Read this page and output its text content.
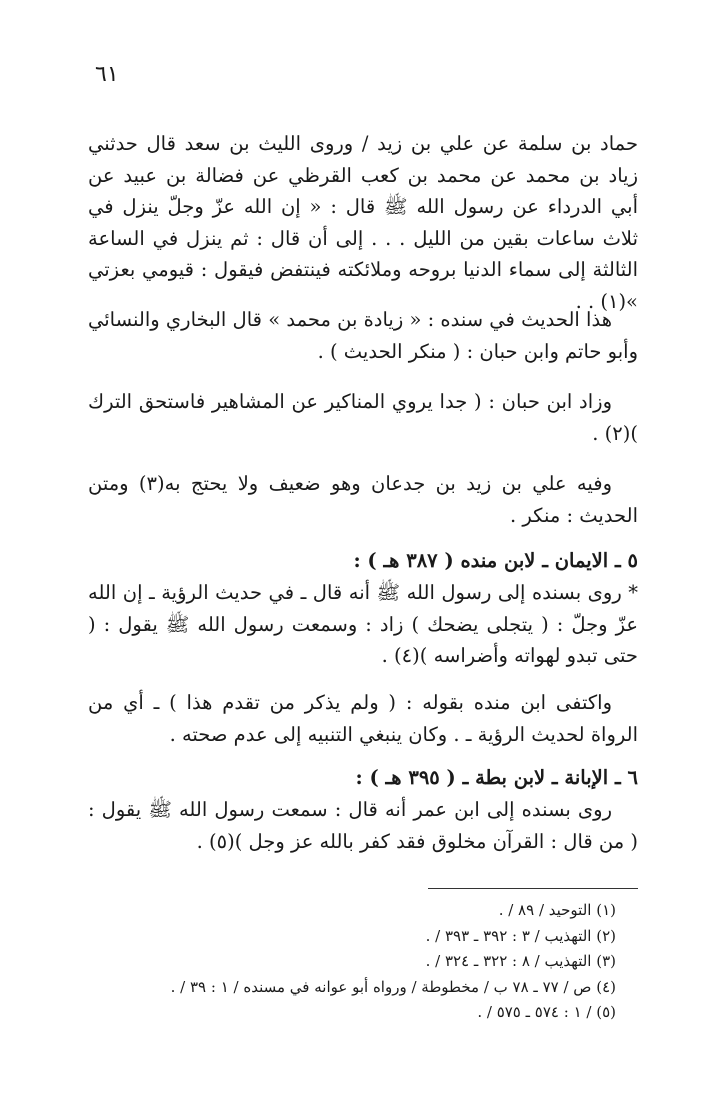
٦١

حماد بن سلمة عن علي بن زيد / وروى الليث بن سعد قال حدثني زياد بن محمد عن محمد بن كعب القرظي عن فضالة بن عبيد عن أبي الدرداء عن رسول الله ﷺ قال : « إن الله عزّ وجلّ ينزل في ثلاث ساعات بقين من الليل . . . إلى أن قال : ثم ينزل في الساعة الثالثة إلى سماء الدنيا بروحه وملائكته فينتفض فيقول : قيومي بعزتي »(١) . .

هذا الحديث في سنده : « زيادة بن محمد » قال البخاري والنسائي وأبو حاتم وابن حبان : ( منكر الحديث ) .

وزاد ابن حبان : ( جدا يروي المناكير عن المشاهير فاستحق الترك )(٢) .

وفيه علي بن زيد بن جدعان وهو ضعيف ولا يحتج به(٣) ومتن الحديث : منكر .

٥ ـ الايمان ـ لابن منده ( ٣٨٧ هـ ) :

* روى بسنده إلى رسول الله ﷺ أنه قال ـ في حديث الرؤية ـ إن الله عزّ وجلّ : ( يتجلى يضحك ) زاد : وسمعت رسول الله ﷺ يقول : ( حتى تبدو لهواته وأضراسه )(٤) .

واكتفى ابن منده بقوله : ( ولم يذكر من تقدم هذا ) ـ أي من الرواة لحديث الرؤية ـ . وكان ينبغي التنبيه إلى عدم صحته .

٦ ـ الإبانة ـ لابن بطة ـ ( ٣٩٥ هـ ) :

روى بسنده إلى ابن عمر أنه قال : سمعت رسول الله ﷺ يقول : ( من قال : القرآن مخلوق فقد كفر بالله عز وجل )(٥) .

(١) التوحيد / ٨٩ / .

(٢) التهذيب / ٣ : ٣٩٢ ـ ٣٩٣ / .

(٣) التهذيب / ٨ : ٣٢٢ ـ ٣٢٤ / .

(٤) ص / ٧٧ ـ ٧٨ ب / مخطوطة / ورواه أبو عوانه في مسنده / ١ : ٣٩ / .

(٥) / ١ : ٥٧٤ ـ ٥٧٥ / .
